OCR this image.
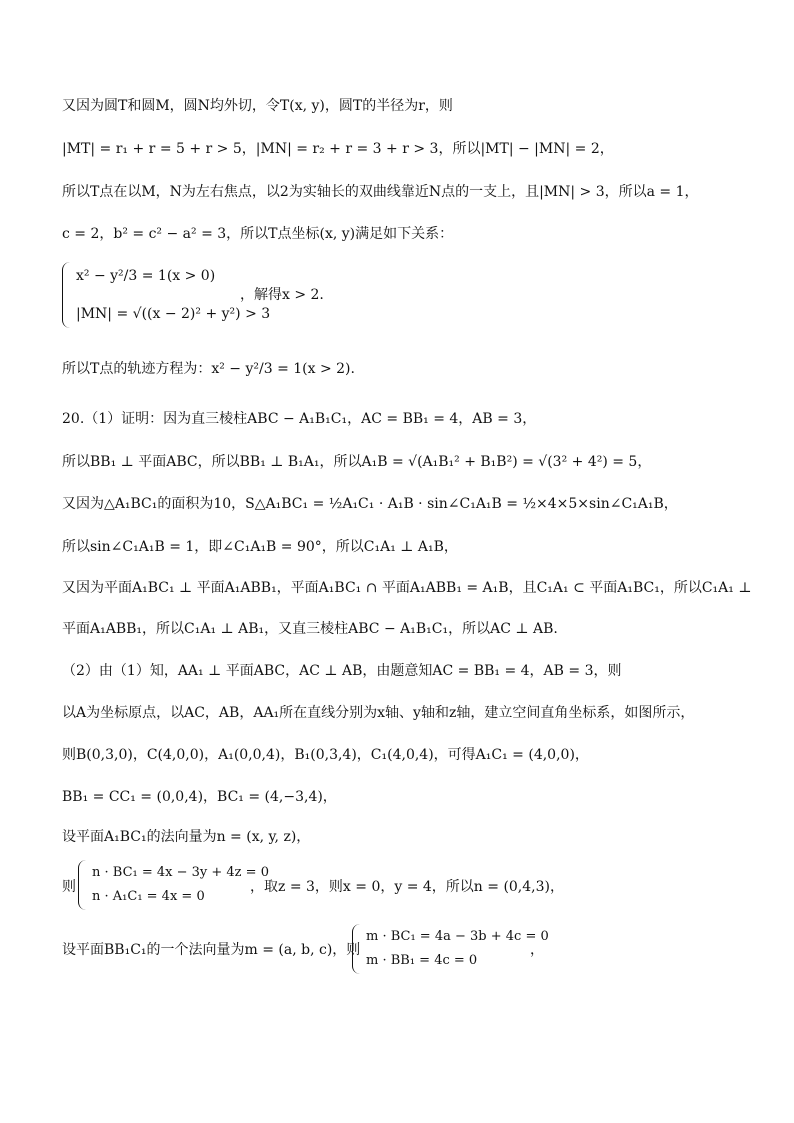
又因为圆T和圆M，圆N均外切，令T(x, y)，圆T的半径为r，则
|MT| = r₁ + r = 5 + r > 5，|MN| = r₂ + r = 3 + r > 3，所以|MT| − |MN| = 2，
所以T点在以M，N为左右焦点，以2为实轴长的双曲线靠近N点的一支上，且|MN| > 3，所以a = 1，
c = 2，b² = c² − a² = 3，所以T点坐标(x, y)满足如下关系：
x² − y²/3 = 1(x > 0)
|MN| = √((x − 2)² + y²) > 3
，解得x > 2.
所以T点的轨迹方程为：x² − y²/3 = 1(x > 2).
20.（1）证明：因为直三棱柱ABC − A₁B₁C₁，AC = BB₁ = 4，AB = 3，
所以BB₁ ⊥ 平面ABC，所以BB₁ ⊥ B₁A₁，所以A₁B = √(A₁B₁² + B₁B²) = √(3² + 4²) = 5，
又因为△A₁BC₁的面积为10，S△A₁BC₁ = ½A₁C₁ · A₁B · sin∠C₁A₁B = ½×4×5×sin∠C₁A₁B，
所以sin∠C₁A₁B = 1，即∠C₁A₁B = 90°，所以C₁A₁ ⊥ A₁B，
又因为平面A₁BC₁ ⊥ 平面A₁ABB₁，平面A₁BC₁ ∩ 平面A₁ABB₁ = A₁B，且C₁A₁ ⊂ 平面A₁BC₁，所以C₁A₁ ⊥
平面A₁ABB₁，所以C₁A₁ ⊥ AB₁，又直三棱柱ABC − A₁B₁C₁，所以AC ⊥ AB.
（2）由（1）知，AA₁ ⊥ 平面ABC，AC ⊥ AB，由题意知AC = BB₁ = 4，AB = 3，则
以A为坐标原点，以AC，AB，AA₁所在直线分别为x轴、y轴和z轴，建立空间直角坐标系，如图所示，
则B(0,3,0)，C(4,0,0)，A₁(0,0,4)，B₁(0,3,4)，C₁(4,0,4)，可得A₁C₁ = (4,0,0)，
BB₁ = CC₁ = (0,0,4)，BC₁ = (4,−3,4)，
设平面A₁BC₁的法向量为n = (x, y, z)，
则
n · BC₁ = 4x − 3y + 4z = 0
n · A₁C₁ = 4x = 0
，取z = 3，则x = 0，y = 4，所以n = (0,4,3)，
设平面BB₁C₁的一个法向量为m = (a, b, c)，则
m · BC₁ = 4a − 3b + 4c = 0
m · BB₁ = 4c = 0
，
